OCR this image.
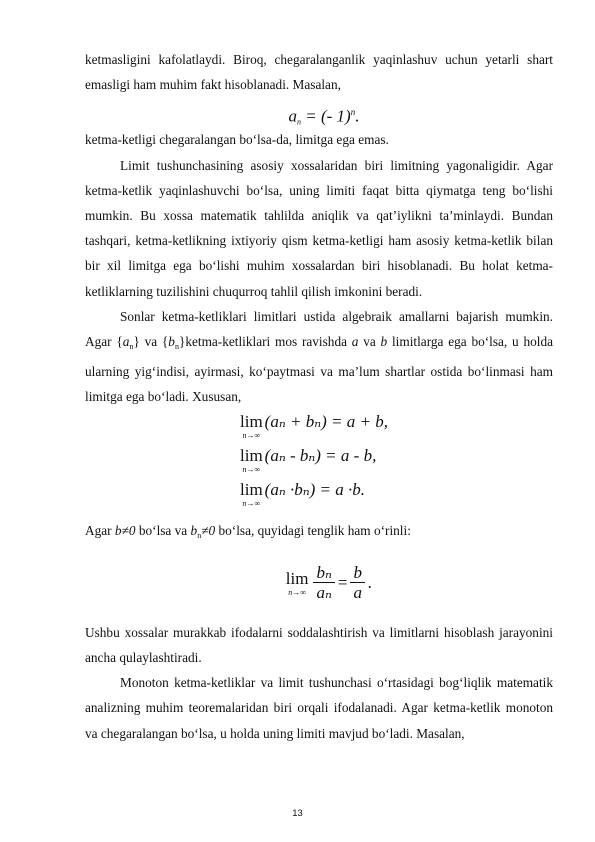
ketmasligini kafolatlaydi. Biroq, chegaralanganlik yaqinlashuv uchun yetarli shart emasligi ham muhim fakt hisoblanadi. Masalan,

$a_n$ = (- 1)$^n$.

ketma-ketligi chegaralangan bo‘lsa-da, limitga ega emas.

Limit tushunchasining asosiy xossalaridan biri limitning yagonaligidir. Agar ketma-ketlik yaqinlashuvchi bo‘lsa, uning limiti faqat bitta qiymatga teng bo‘lishi mumkin. Bu xossa matematik tahlilda aniqlik va qat’iylikni ta’minlaydi. Bundan tashqari, ketma-ketlikning ixtiyoriy qism ketma-ketligi ham asosiy ketma-ketlik bilan bir xil limitga ega bo‘lishi muhim xossalardan biri hisoblanadi. Bu holat ketma-ketliklarning tuzilishini chuqurroq tahlil qilish imkonini beradi.

Sonlar ketma-ketliklari limitlari ustida algebraik amallarni bajarish mumkin. Agar $\{a_n\}$ va $\{b_n\}ketma$-ketliklari mos ravishda a va b limitlarga ega bo‘lsa, u holda ularning yig‘indisi, ayirmasi, ko‘paytmasi va ma’lum shartlar ostida bo‘linmasi ham limitga ega bo‘ladi. Xususan,

lim
n→∞
(aₙ + bₙ) = a + b,
lim
n→∞
(aₙ - bₙ) = a - b,
lim
n→∞
(aₙ ·bₙ) = a ·b.

Agar b≠0 bo‘lsa va $b_n\ne 0$ bo‘lsa, quyidagi tenglik ham o‘rinli:

lim
$n\to\infty \frac{\text{bₙ}}{\text{aₙ}} = \frac{b}{a}$ .

Ushbu xossalar murakkab ifodalarni soddalashtirish va limitlarni hisoblash jarayonini ancha qulaylashtiradi.

Monoton ketma-ketliklar va limit tushunchasi o‘rtasidagi bog‘liqlik matematik analizning muhim teoremalaridan biri orqali ifodalanadi. Agar ketma-ketlik monoton va chegaralangan bo‘lsa, u holda uning limiti mavjud bo‘ladi. Masalan,

13
